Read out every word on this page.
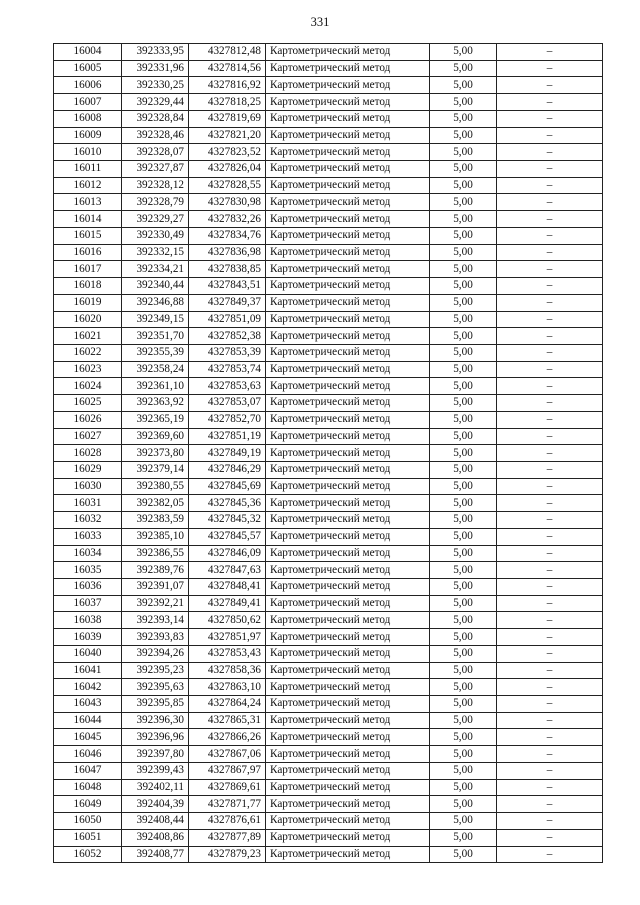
331
16004	392333,95	4327812,48	Картометрический метод	5,00	–
16005	392331,96	4327814,56	Картометрический метод	5,00	–
16006	392330,25	4327816,92	Картометрический метод	5,00	–
16007	392329,44	4327818,25	Картометрический метод	5,00	–
16008	392328,84	4327819,69	Картометрический метод	5,00	–
16009	392328,46	4327821,20	Картометрический метод	5,00	–
16010	392328,07	4327823,52	Картометрический метод	5,00	–
16011	392327,87	4327826,04	Картометрический метод	5,00	–
16012	392328,12	4327828,55	Картометрический метод	5,00	–
16013	392328,79	4327830,98	Картометрический метод	5,00	–
16014	392329,27	4327832,26	Картометрический метод	5,00	–
16015	392330,49	4327834,76	Картометрический метод	5,00	–
16016	392332,15	4327836,98	Картометрический метод	5,00	–
16017	392334,21	4327838,85	Картометрический метод	5,00	–
16018	392340,44	4327843,51	Картометрический метод	5,00	–
16019	392346,88	4327849,37	Картометрический метод	5,00	–
16020	392349,15	4327851,09	Картометрический метод	5,00	–
16021	392351,70	4327852,38	Картометрический метод	5,00	–
16022	392355,39	4327853,39	Картометрический метод	5,00	–
16023	392358,24	4327853,74	Картометрический метод	5,00	–
16024	392361,10	4327853,63	Картометрический метод	5,00	–
16025	392363,92	4327853,07	Картометрический метод	5,00	–
16026	392365,19	4327852,70	Картометрический метод	5,00	–
16027	392369,60	4327851,19	Картометрический метод	5,00	–
16028	392373,80	4327849,19	Картометрический метод	5,00	–
16029	392379,14	4327846,29	Картометрический метод	5,00	–
16030	392380,55	4327845,69	Картометрический метод	5,00	–
16031	392382,05	4327845,36	Картометрический метод	5,00	–
16032	392383,59	4327845,32	Картометрический метод	5,00	–
16033	392385,10	4327845,57	Картометрический метод	5,00	–
16034	392386,55	4327846,09	Картометрический метод	5,00	–
16035	392389,76	4327847,63	Картометрический метод	5,00	–
16036	392391,07	4327848,41	Картометрический метод	5,00	–
16037	392392,21	4327849,41	Картометрический метод	5,00	–
16038	392393,14	4327850,62	Картометрический метод	5,00	–
16039	392393,83	4327851,97	Картометрический метод	5,00	–
16040	392394,26	4327853,43	Картометрический метод	5,00	–
16041	392395,23	4327858,36	Картометрический метод	5,00	–
16042	392395,63	4327863,10	Картометрический метод	5,00	–
16043	392395,85	4327864,24	Картометрический метод	5,00	–
16044	392396,30	4327865,31	Картометрический метод	5,00	–
16045	392396,96	4327866,26	Картометрический метод	5,00	–
16046	392397,80	4327867,06	Картометрический метод	5,00	–
16047	392399,43	4327867,97	Картометрический метод	5,00	–
16048	392402,11	4327869,61	Картометрический метод	5,00	–
16049	392404,39	4327871,77	Картометрический метод	5,00	–
16050	392408,44	4327876,61	Картометрический метод	5,00	–
16051	392408,86	4327877,89	Картометрический метод	5,00	–
16052	392408,77	4327879,23	Картометрический метод	5,00	–
